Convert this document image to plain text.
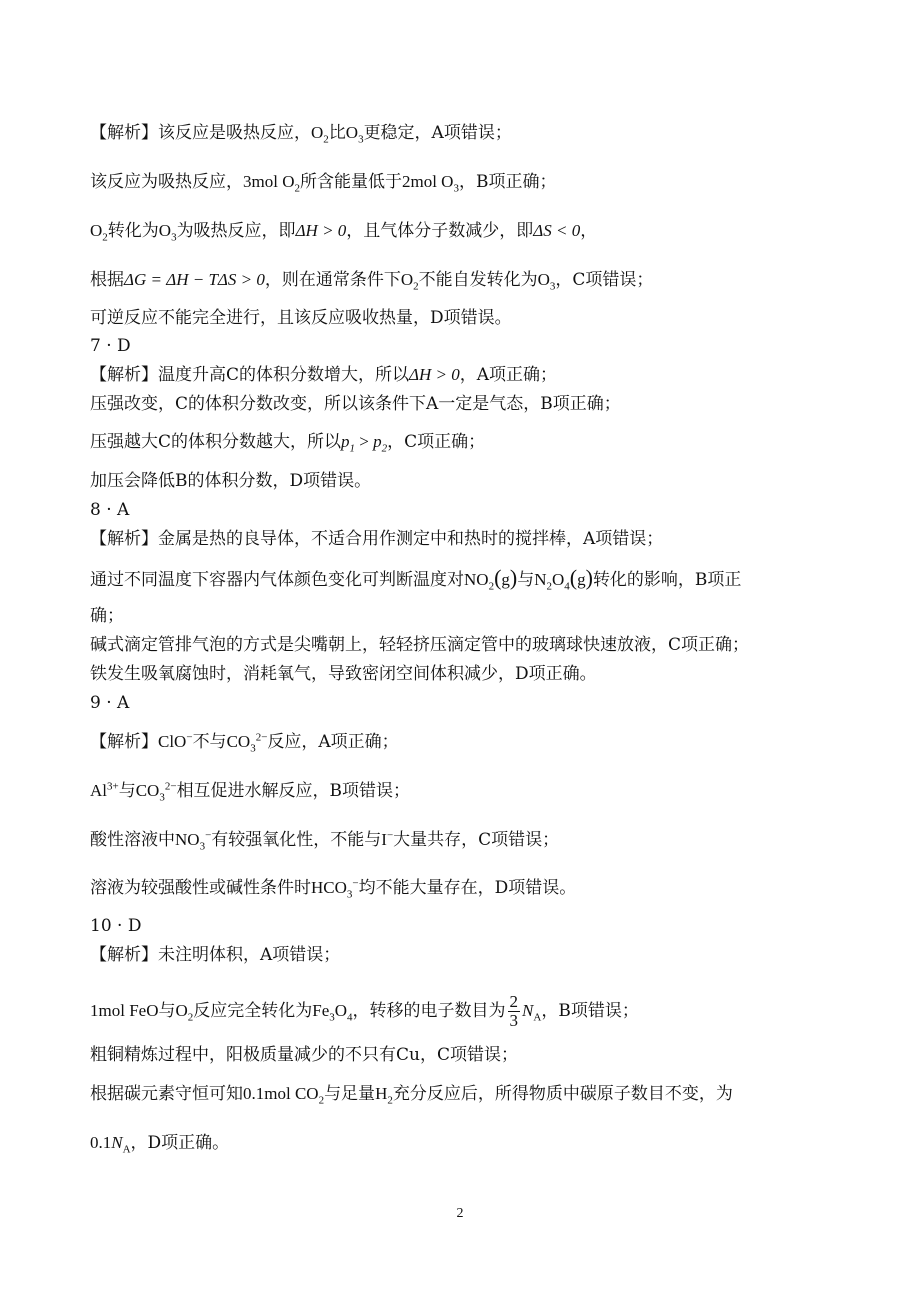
【解析】该反应是吸热反应，$O_2$比$O_3$更稳定，A项错误；
该反应为吸热反应，3mol $O_2$所含能量低于2mol $O_3$，B项正确；
$O_2$转化为$O_3$为吸热反应，即ΔH > 0，且气体分子数减少，即ΔS < 0，
根据ΔG = ΔH − TΔS > 0，则在通常条件下$O_2$不能自发转化为$O_3$，C项错误；
可逆反应不能完全进行，且该反应吸收热量，D项错误。
7 · D
【解析】温度升高C的体积分数增大，所以ΔH > 0，A项正确；
压强改变，C的体积分数改变，所以该条件下A一定是气态，B项正确；
压强越大C的体积分数越大，所以$p_1 > p_2$，C项正确；
加压会降低B的体积分数，D项错误。
8 · A
【解析】金属是热的良导体，不适合用作测定中和热时的搅拌棒，A项错误；
通过不同温度下容器内气体颜色变化可判断温度对$NO_2(g)$与$N_2O_4(g)$转化的影响，B项正
确；
碱式滴定管排气泡的方式是尖嘴朝上，轻轻挤压滴定管中的玻璃球快速放液，C项正确；
铁发生吸氧腐蚀时，消耗氧气，导致密闭空间体积减少，D项正确。
9 · A
【解析】ClO−不与$CO_3^{2-}$反应，A项正确；
$Al^{3+}$与$CO_3^{2-}$相互促进水解反应，B项错误；
酸性溶液中$NO_3^-$有较强氧化性，不能与I−大量共存，C项错误；
溶液为较强酸性或碱性条件时$HCO_3^-$均不能大量存在，D项错误。
10 · D
【解析】未注明体积，A项错误；
1mol FeO与$O_2$反应完全转化为$Fe_3O_4$，转移的电子数目为 $\frac{2}{3} N_A$，B项错误；
粗铜精炼过程中，阳极质量减少的不只有Cu，C项错误；
根据碳元素守恒可知0.1mol $CO_2$与足量$H_2$充分反应后，所得物质中碳原子数目不变，为
$0.1N_A$，D项正确。
2
